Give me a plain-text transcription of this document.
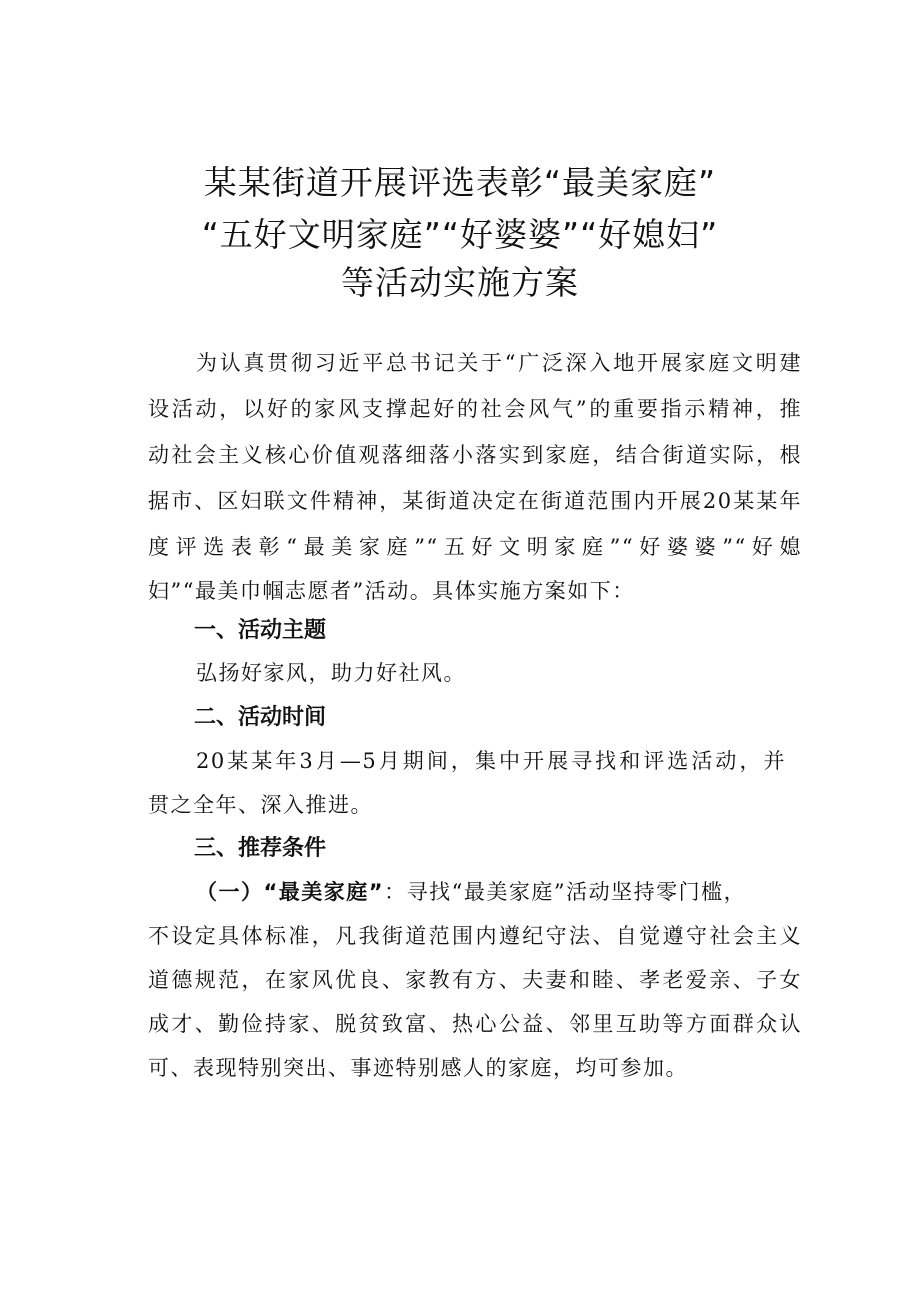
某某街道开展评选表彰“最美家庭”
“五好文明家庭”“好婆婆”“好媳妇”
等活动实施方案
为认真贯彻习近平总书记关于“广泛深入地开展家庭文明建
设活动，以好的家风支撑起好的社会风气”的重要指示精神，推
动社会主义核心价值观落细落小落实到家庭，结合街道实际，根
据市、区妇联文件精神，某街道决定在街道范围内开展20某某年
度评选表彰“最美家庭”“五好文明家庭”“好婆婆”“好媳
妇”“最美巾帼志愿者”活动。具体实施方案如下：
一、活动主题
弘扬好家风，助力好社风。
二、活动时间
20某某年3月—5月期间，集中开展寻找和评选活动，并
贯之全年、深入推进。
三、推荐条件
（一）“最美家庭”：寻找“最美家庭”活动坚持零门槛，
不设定具体标准，凡我街道范围内遵纪守法、自觉遵守社会主义
道德规范，在家风优良、家教有方、夫妻和睦、孝老爱亲、子女
成才、勤俭持家、脱贫致富、热心公益、邻里互助等方面群众认
可、表现特别突出、事迹特别感人的家庭，均可参加。
